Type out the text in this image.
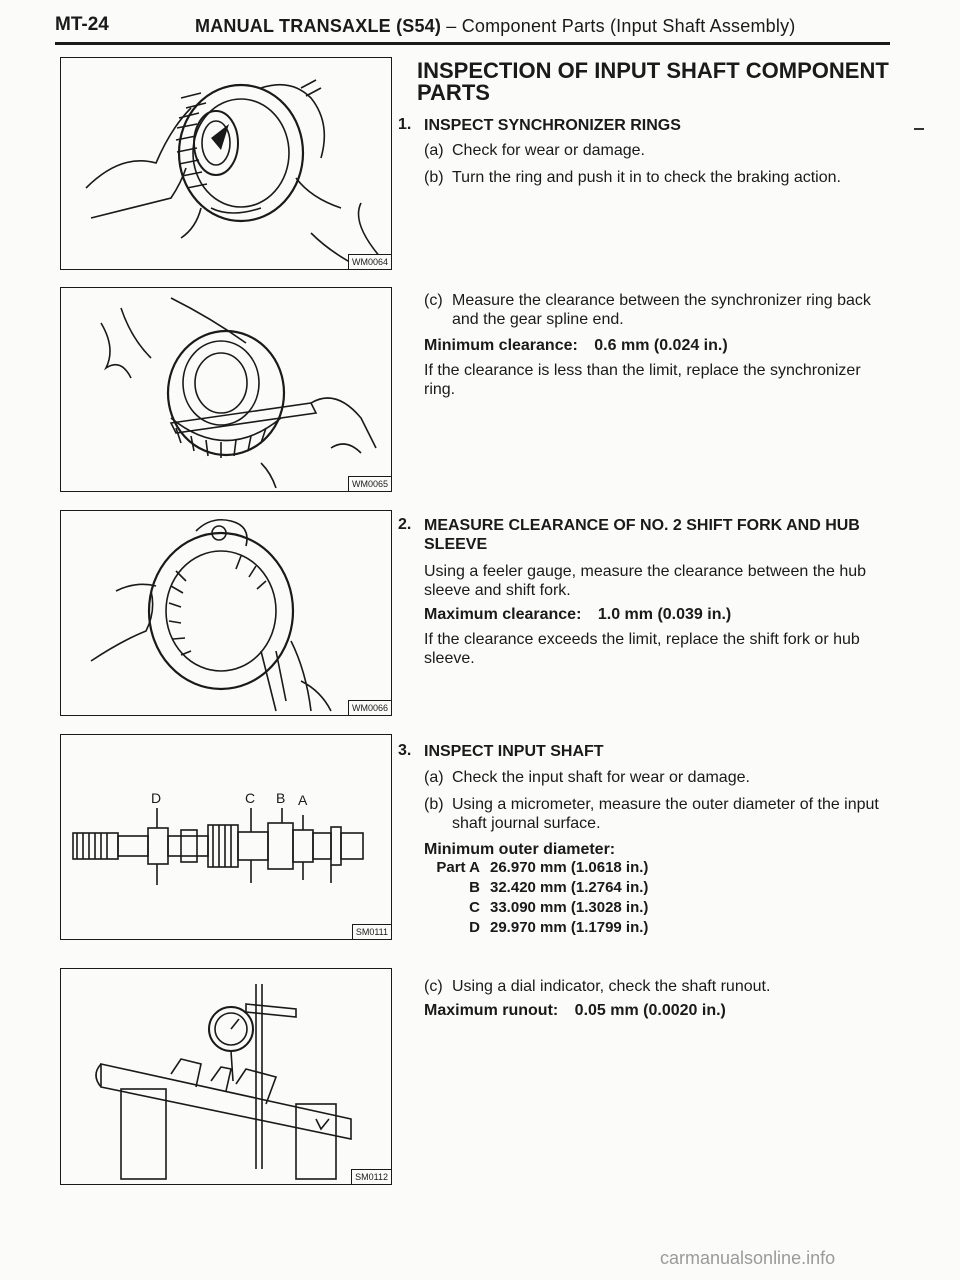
MT-24	MANUAL TRANSAXLE (S54) – Component Parts (Input Shaft Assembly)
WM0064
WM0065
WM0066
D	C B A
SM0111
SM0112
INSPECTION OF INPUT SHAFT COMPONENT PARTS
1. INSPECT SYNCHRONIZER RINGS
(a) Check for wear or damage.
(b) Turn the ring and push it in to check the braking action.
(c) Measure the clearance between the synchronizer ring back and the gear spline end.
Minimum clearance: 0.6 mm (0.024 in.)
If the clearance is less than the limit, replace the synchronizer ring.
2. MEASURE CLEARANCE OF NO. 2 SHIFT FORK AND HUB SLEEVE
Using a feeler gauge, measure the clearance between the hub sleeve and shift fork.
Maximum clearance: 1.0 mm (0.039 in.)
If the clearance exceeds the limit, replace the shift fork or hub sleeve.
3. INSPECT INPUT SHAFT
(a) Check the input shaft for wear or damage.
(b) Using a micrometer, measure the outer diameter of the input shaft journal surface.
Minimum outer diameter:
Part A 26.970 mm (1.0618 in.)
B 32.420 mm (1.2764 in.)
C 33.090 mm (1.3028 in.)
D 29.970 mm (1.1799 in.)
(c) Using a dial indicator, check the shaft runout.
Maximum runout: 0.05 mm (0.0020 in.)
carmanualsonline.info
